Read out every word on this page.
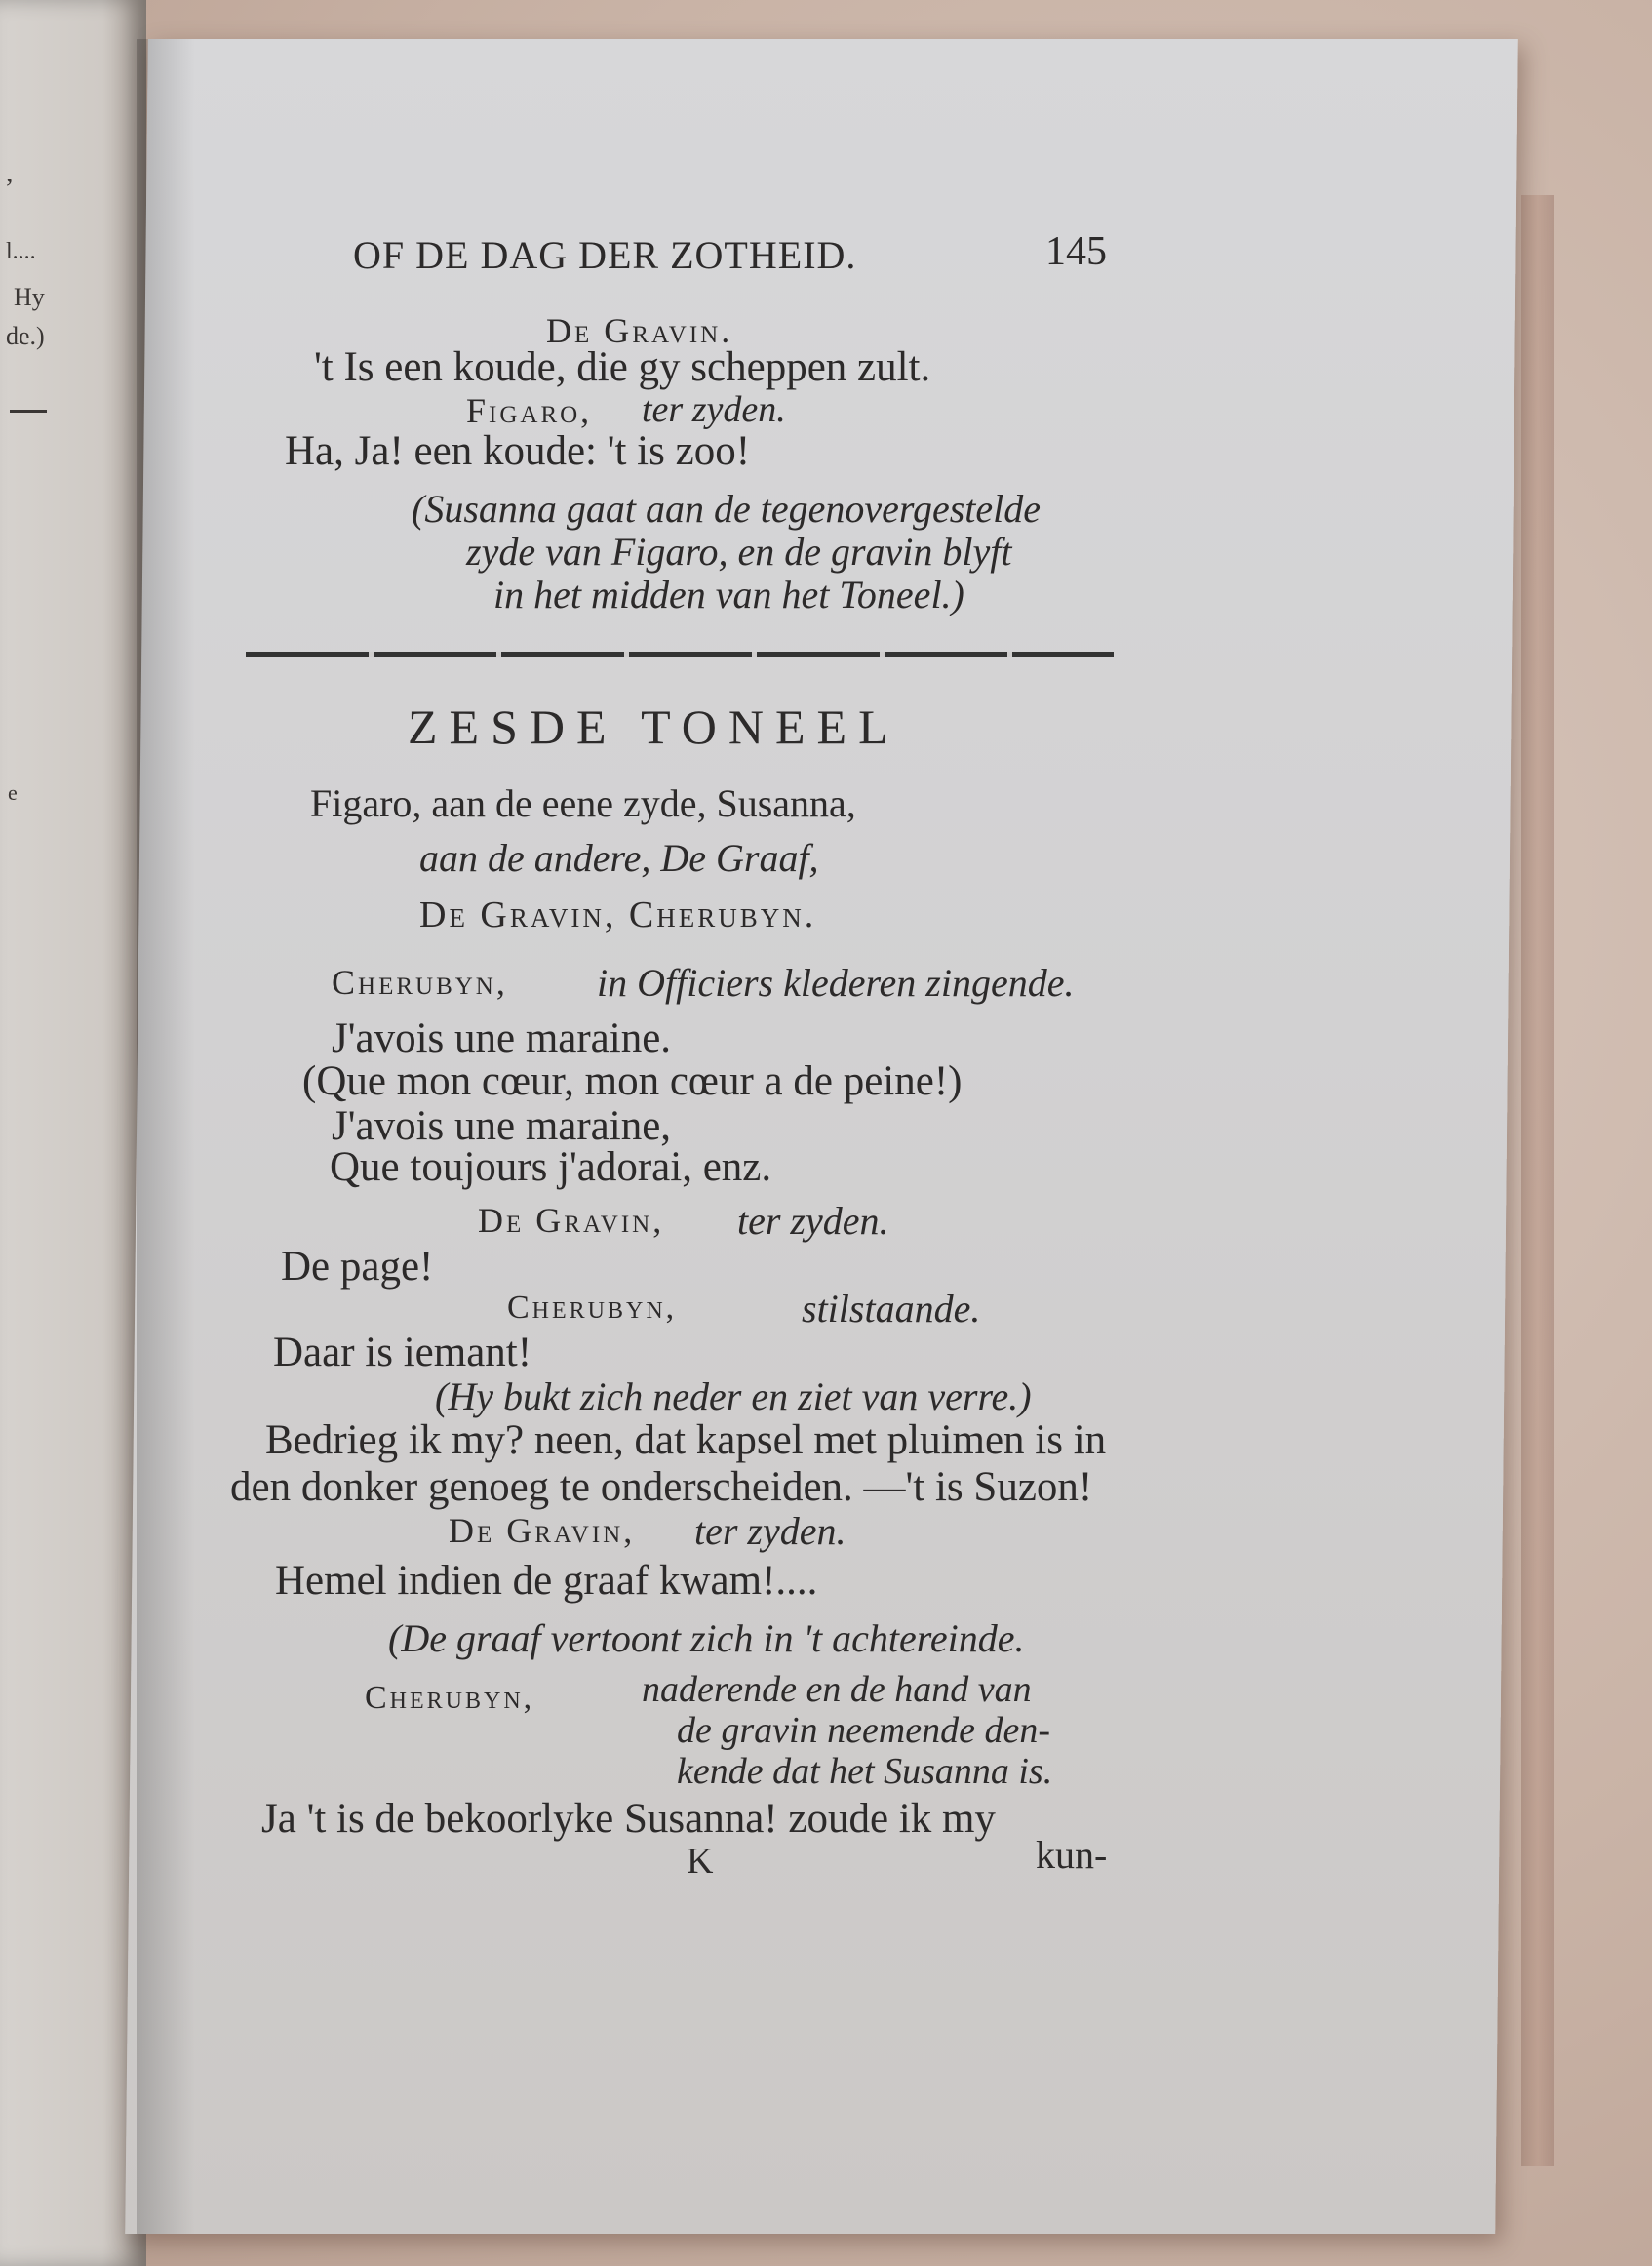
,
l....
Hy
de.)
e
OF DE DAG DER ZOTHEID.	145
De Gravin.
't Is een koude, die gy scheppen zult.
Figaro, ter zyden.
Ha, Ja! een koude: 't is zoo!
(Susanna gaat aan de tegenovergestelde
zyde van Figaro, en de gravin blyft
in het midden van het Toneel.)
ZESDE TONEEL
Figaro, aan de eene zyde, Susanna,
aan de andere, De Graaf,
De Gravin, Cherubyn.
Cherubyn, in Officiers klederen zingende.
J'avois une maraine.
(Que mon cœur, mon cœur a de peine!)
J'avois une maraine,
Que toujours j'adorai, enz.
De Gravin, ter zyden.
De page!
Cherubyn,	stilstaande.
Daar is iemant!
(Hy bukt zich neder en ziet van verre.)
Bedrieg ik my? neen, dat kapsel met pluimen is in
den donker genoeg te onderscheiden. —'t is Suzon!
De Gravin, ter zyden.
Hemel indien de graaf kwam!....
(De graaf vertoont zich in 't achtereinde.
Cherubyn,	naderende en de hand van
de gravin neemende den-
kende dat het Susanna is.
Ja 't is de bekoorlyke Susanna! zoude ik my
K	kun-
